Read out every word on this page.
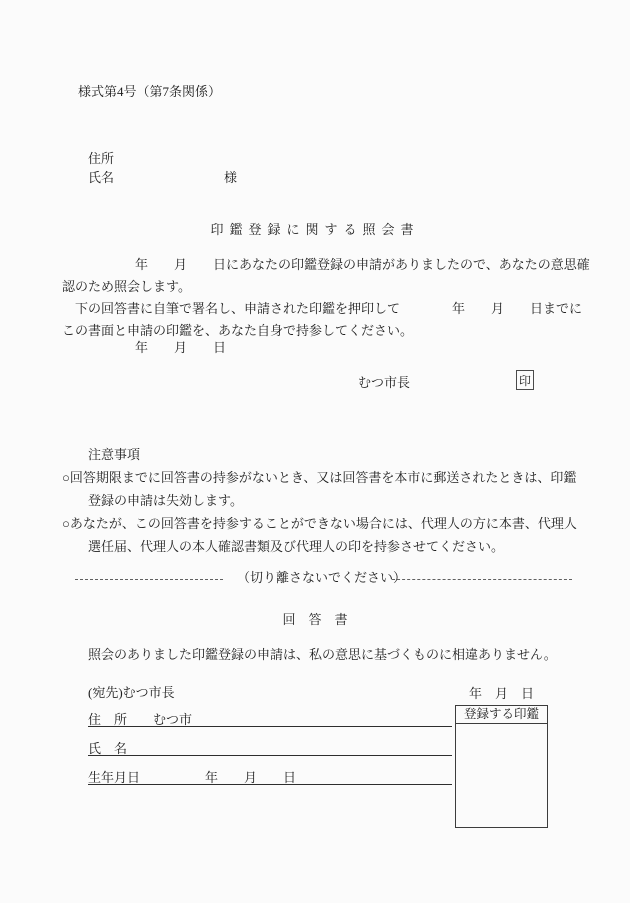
様式第4号（第7条関係）
住所
氏名	様
印鑑登録に関する照会書
年　　月　　日にあなたの印鑑登録の申請がありましたので、あなたの意思確
認のため照会します。
下の回答書に自筆で署名し、申請された印鑑を押印して　　　　年　　月　　日までに
この書面と申請の印鑑を、あなた自身で持参してください。
年　　月　　日
むつ市長	印
注意事項
○回答期限までに回答書の持参がないとき、又は回答書を本市に郵送されたときは、印鑑
登録の申請は失効します。
○あなたが、この回答書を持参することができない場合には、代理人の方に本書、代理人
選任届、代理人の本人確認書類及び代理人の印を持参させてください。
（切り離さないでください）
回　答　書
照会のありました印鑑登録の申請は、私の意思に基づくものに相違ありません。
(宛先)むつ市長	年　月　日
住　所　　むつ市
氏　名
生年月日　　　　　年　　月　　日
登録する印鑑
